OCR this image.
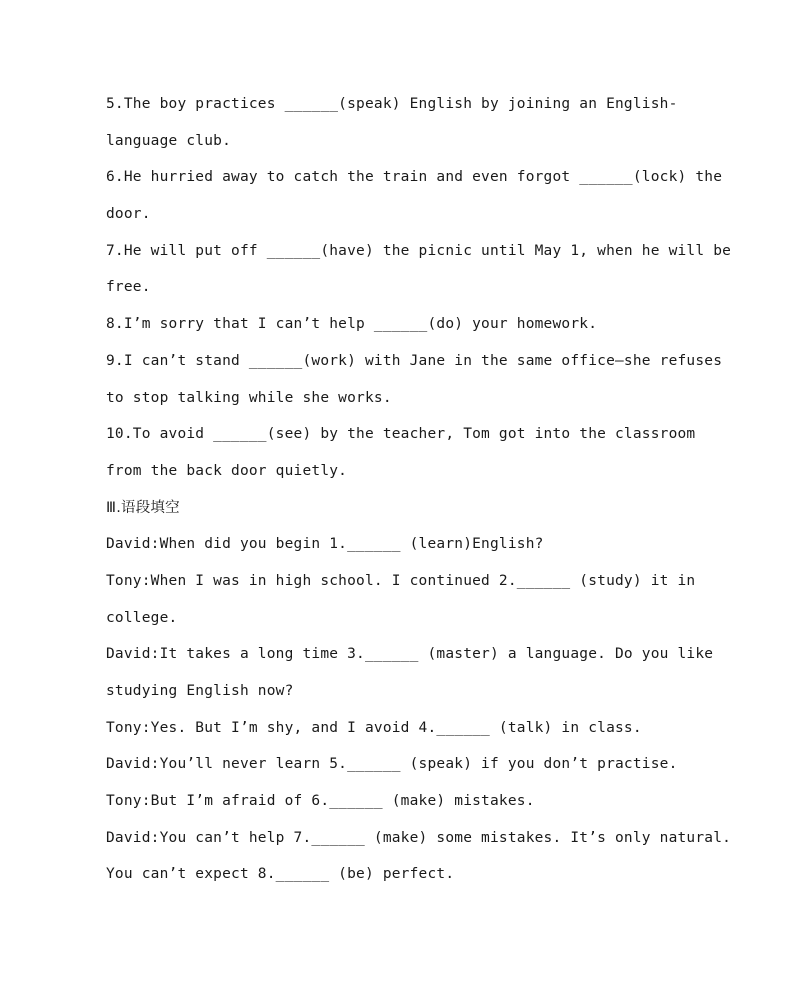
5.The boy practices ______(speak) English by joining an English-
language club.
6.He hurried away to catch the train and even forgot ______(lock) the
door.
7.He will put off ______(have) the picnic until May 1, when he will be
free.
8.I’m sorry that I can’t help ______(do) your homework.
9.I can’t stand ______(work) with Jane in the same office—she refuses
to stop talking while she works.
10.To avoid ______(see) by the teacher, Tom got into the classroom
from the back door quietly.
Ⅲ.语段填空
David:When did you begin 1.______ (learn)English?
Tony:When I was in high school. I continued 2.______ (study) it in
college.
David:It takes a long time 3.______ (master) a language. Do you like
studying English now?
Tony:Yes. But I’m shy, and I avoid 4.______ (talk) in class.
David:You’ll never learn 5.______ (speak) if you don’t practise.
Tony:But I’m afraid of 6.______ (make) mistakes.
David:You can’t help 7.______ (make) some mistakes. It’s only natural.
You can’t expect 8.______ (be) perfect.
